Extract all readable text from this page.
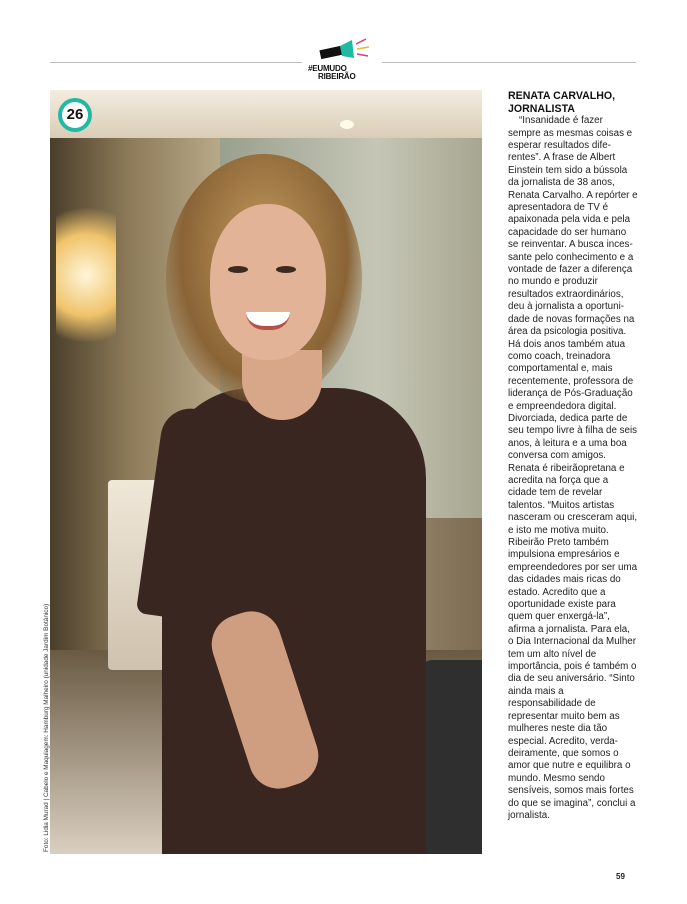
#EUMUDO
RIBEIRÃO
26
Foto: Lidia Murad | Cabelo e Maquiagem: Hamburg Malheiro (unidade Jardim Botânico)
RENATA CARVALHO, JORNALISTA

“Insanidade é fazer sempre as mesmas coisas e esperar resultados diferentes”. A frase de Albert Einstein tem sido a bússola da jornalista de 38 anos, Renata Carvalho. A repórter e apresentadora de TV é apaixonada pela vida e pela capacidade do ser humano se reinventar. A busca incessante pelo conhecimento e a vontade de fazer a diferença no mundo e produzir resultados extraordinários, deu à jornalista a oportunidade de novas formações na área da psicologia positiva. Há dois anos também atua como coach, treinadora comportamental e, mais recentemente, professora de liderança de Pós-Graduação e empreendedora digital. Divorciada, dedica parte de seu tempo livre à filha de seis anos, à leitura e a uma boa conversa com amigos. Renata é ribeirãopretana e acredita na força que a cidade tem de revelar talentos. “Muitos artistas nasceram ou cresceram aqui, e isto me motiva muito. Ribeirão Preto também impulsiona empresários e empreendedores por ser uma das cidades mais ricas do estado. Acredito que a oportunidade existe para quem quer enxergá-la”, afirma a jornalista. Para ela, o Dia Internacional da Mulher tem um alto nível de importância, pois é também o dia de seu aniversário. “Sinto ainda mais a responsabilidade de representar muito bem as mulheres neste dia tão especial. Acredito, verdadeiramente, que somos o amor que nutre e equilibra o mundo. Mesmo sendo sensíveis, somos mais fortes do que se imagina”, conclui a jornalista.

59
